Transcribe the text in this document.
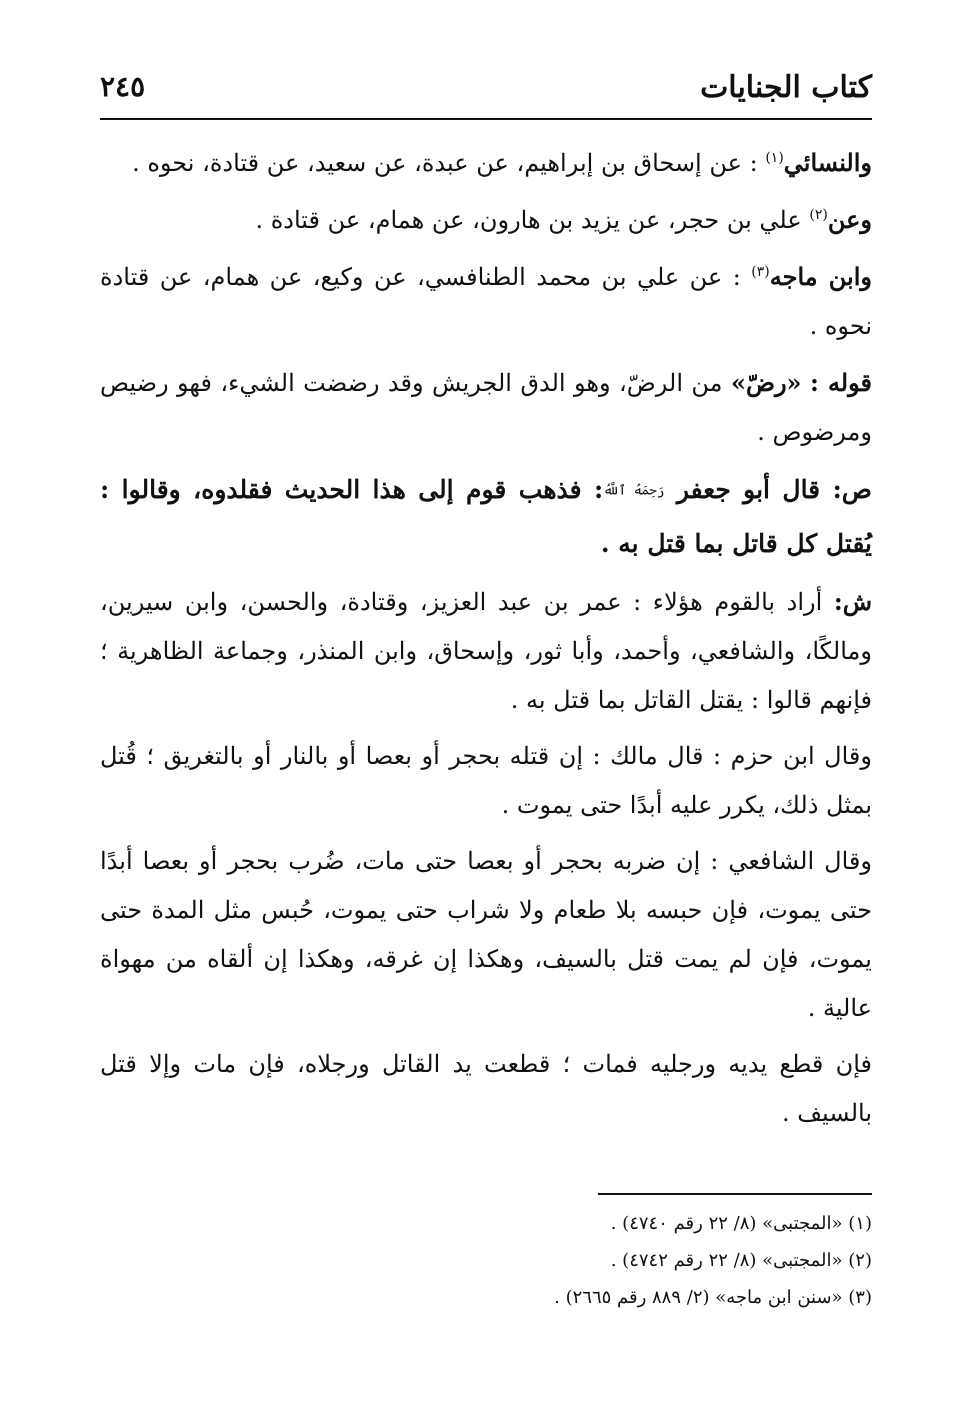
كتاب الجنايات
٢٤٥

والنسائي$^{(١)}$ : عن إسحاق بن إبراهيم، عن عبدة، عن سعيد، عن قتادة، نحوه .

وعن$^{(٢)}$ علي بن حجر، عن يزيد بن هارون، عن همام، عن قتادة .

وابن ماجه$^{(٣)}$ : عن علي بن محمد الطنافسي، عن وكيع، عن همام، عن قتادة نحوه .

قوله : «رضّ» من الرضّ، وهو الدق الجريش وقد رضضت الشيء، فهو رضيص ومرضوص .

ص: قال أبو جعفر رَحِمَهُ ٱللَّهُ: فذهب قوم إلى هذا الحديث فقلدوه، وقالوا : يُقتل كل قاتل بما قتل به .

ش: أراد بالقوم هؤلاء : عمر بن عبد العزيز، وقتادة، والحسن، وابن سيرين، ومالكًا، والشافعي، وأحمد، وأبا ثور، وإسحاق، وابن المنذر، وجماعة الظاهرية ؛ فإنهم قالوا : يقتل القاتل بما قتل به .

وقال ابن حزم : قال مالك : إن قتله بحجر أو بعصا أو بالنار أو بالتغريق ؛ قُتل بمثل ذلك، يكرر عليه أبدًا حتى يموت .

وقال الشافعي : إن ضربه بحجر أو بعصا حتى مات، ضُرب بحجر أو بعصا أبدًا حتى يموت، فإن حبسه بلا طعام ولا شراب حتى يموت، حُبس مثل المدة حتى يموت، فإن لم يمت قتل بالسيف، وهكذا إن غرقه، وهكذا إن ألقاه من مهواة عالية .

فإن قطع يديه ورجليه فمات ؛ قطعت يد القاتل ورجلاه، فإن مات وإلا قتل بالسيف .

(١) «المجتبى» (٨/ ٢٢ رقم ٤٧٤٠) .

(٢) «المجتبى» (٨/ ٢٢ رقم ٤٧٤٢) .

(٣) «سنن ابن ماجه» (٢/ ٨٨٩ رقم ٢٦٦٥) .
